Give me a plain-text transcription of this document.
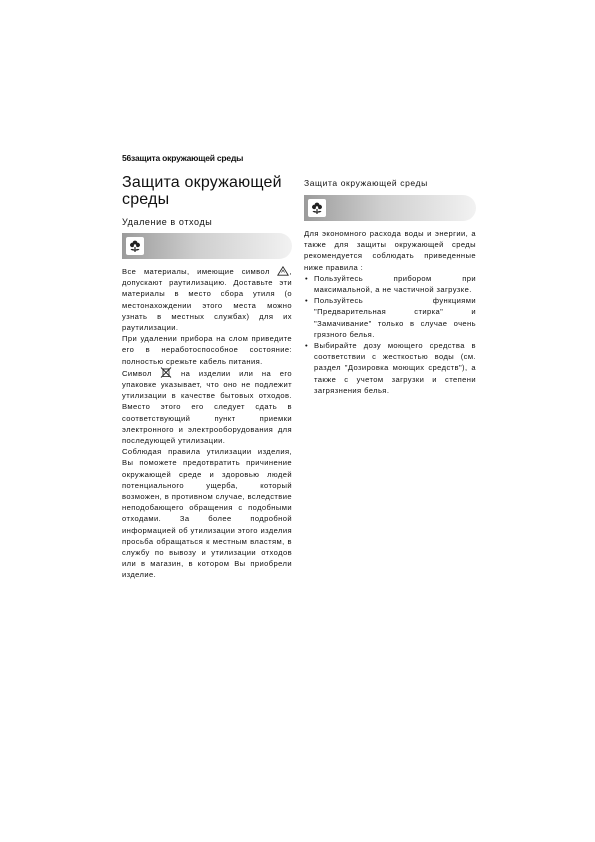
56защита окружающей среды
Защита окружающей среды
Удаление в отходы

Все материалы, имеющие символ	, допускают раутилизацию. Доставьте эти материалы в место сбора утиля (о местонахождении этого места можно узнать в местных службах) для их раутилизации.

При удалении прибора на слом приведите его в неработоспособное состояние: полностью срежьте кабель питания.

Символ	на изделии или на его упаковке указывает, что оно не подлежит утилизации в качестве бытовых отходов. Вместо этого его следует сдать в соответствующий пункт приемки электронного и электрооборудования для последующей утилизации.

Соблюдая правила утилизации изделия, Вы поможете предотвратить причинение окружающей среде и здоровью людей потенциального ущерба, который возможен, в противном случае, вследствие неподобающего обращения с подобными отходами. За более подробной информацией об утилизации этого изделия просьба обращаться к местным властям, в службу по вывозу и утилизации отходов или в магазин, в котором Вы приобрели изделие.

Защита окружающей среды

Для экономного расхода воды и энергии, а также для защиты окружающей среды рекомендуется соблюдать приведенные ниже правила :

• Пользуйтесь прибором при максимальной, а не частичной загрузке.
• Пользуйтесь функциями "Предварительная стирка" и "Замачивание" только в случае очень грязного белья.
• Выбирайте дозу моющего средства в соответствии с жесткостью воды (см. раздел "Дозировка моющих средств"), а также с учетом загрузки и степени загрязнения белья.
